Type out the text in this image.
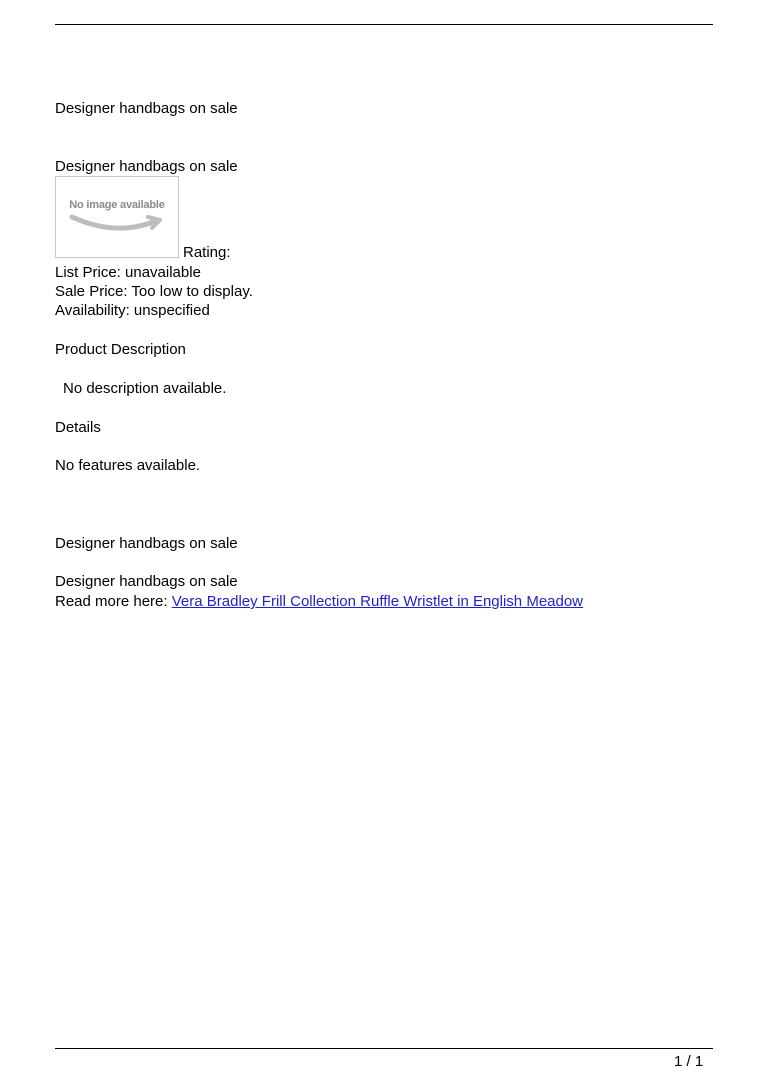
Designer handbags on sale
Designer handbags on sale
No image available
Rating:
List Price: unavailable
Sale Price: Too low to display.
Availability: unspecified
Product Description
No description available.
Details
No features available.
Designer handbags on sale
Designer handbags on sale
Read more here: Vera Bradley Frill Collection Ruffle Wristlet in English Meadow
1 / 1
